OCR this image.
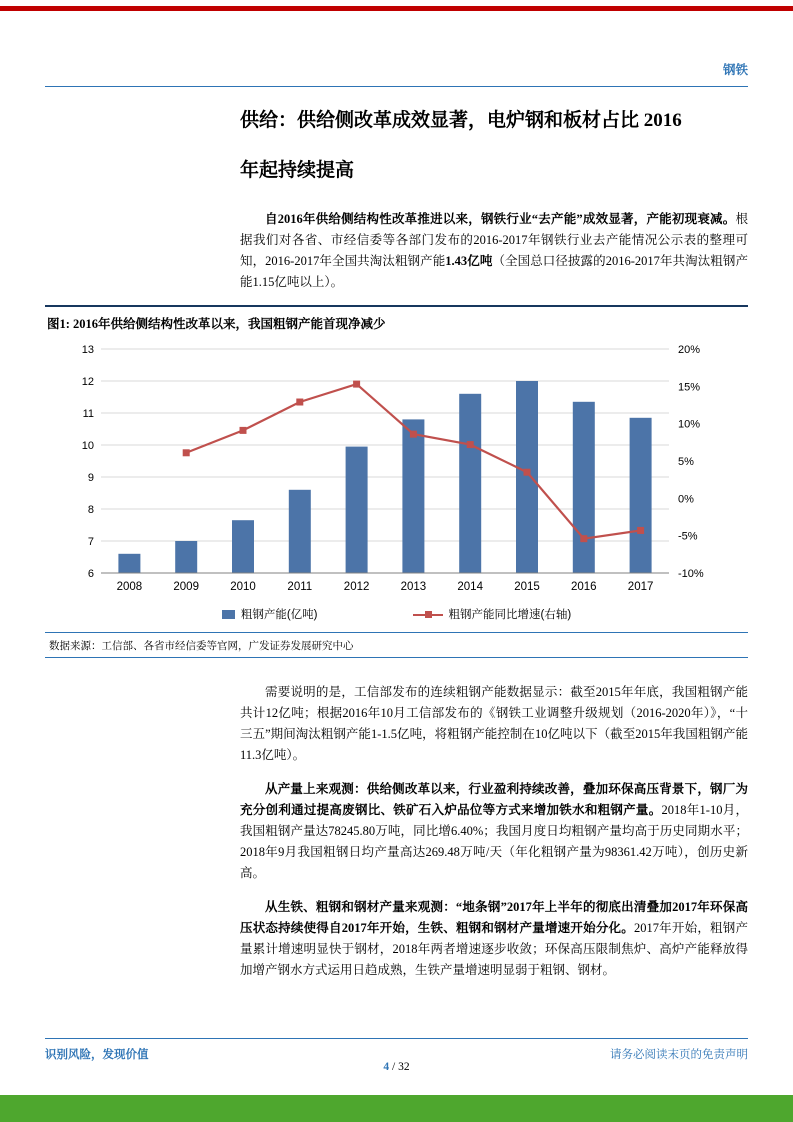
钢铁
供给：供给侧改革成效显著，电炉钢和板材占比 2016
年起持续提高

自2016年供给侧结构性改革推进以来，钢铁行业“去产能”成效显著，产能初现衰减。根据我们对各省、市经信委等各部门发布的2016-2017年钢铁行业去产能情况公示表的整理可知，2016-2017年全国共淘汰粗钢产能1.43亿吨（全国总口径披露的2016-2017年共淘汰粗钢产能1.15亿吨以上）。

图1: 2016年供给侧结构性改革以来，我国粗钢产能首现净减少
6
7
8
9
10
11
12
13
-10%
-5%
0%
5%
10%
15%
20%
2008	2009	2010	2011	2012	2013	2014	2015	2016	2017
粗钢产能(亿吨)	粗钢产能同比增速(右轴)
数据来源：工信部、各省市经信委等官网，广发证券发展研究中心

需要说明的是，工信部发布的连续粗钢产能数据显示：截至2015年年底，我国粗钢产能共计12亿吨；根据2016年10月工信部发布的《钢铁工业调整升级规划（2016-2020年）》，“十三五”期间淘汰粗钢产能1-1.5亿吨，将粗钢产能控制在10亿吨以下（截至2015年我国粗钢产能11.3亿吨）。

从产量上来观测：供给侧改革以来，行业盈利持续改善，叠加环保高压背景下，钢厂为充分创利通过提高废钢比、铁矿石入炉品位等方式来增加铁水和粗钢产量。2018年1-10月，我国粗钢产量达78245.80万吨，同比增6.40%；我国月度日均粗钢产量均高于历史同期水平；2018年9月我国粗钢日均产量高达269.48万吨/天（年化粗钢产量为98361.42万吨），创历史新高。

从生铁、粗钢和钢材产量来观测：“地条钢”2017年上半年的彻底出清叠加2017年环保高压状态持续使得自2017年开始，生铁、粗钢和钢材产量增速开始分化。2017年开始，粗钢产量累计增速明显快于钢材，2018年两者增速逐步收敛；环保高压限制焦炉、高炉产能释放得加增产钢水方式运用日趋成熟，生铁产量增速明显弱于粗钢、钢材。

识别风险，发现价值	请务必阅读末页的免责声明
4 / 32
